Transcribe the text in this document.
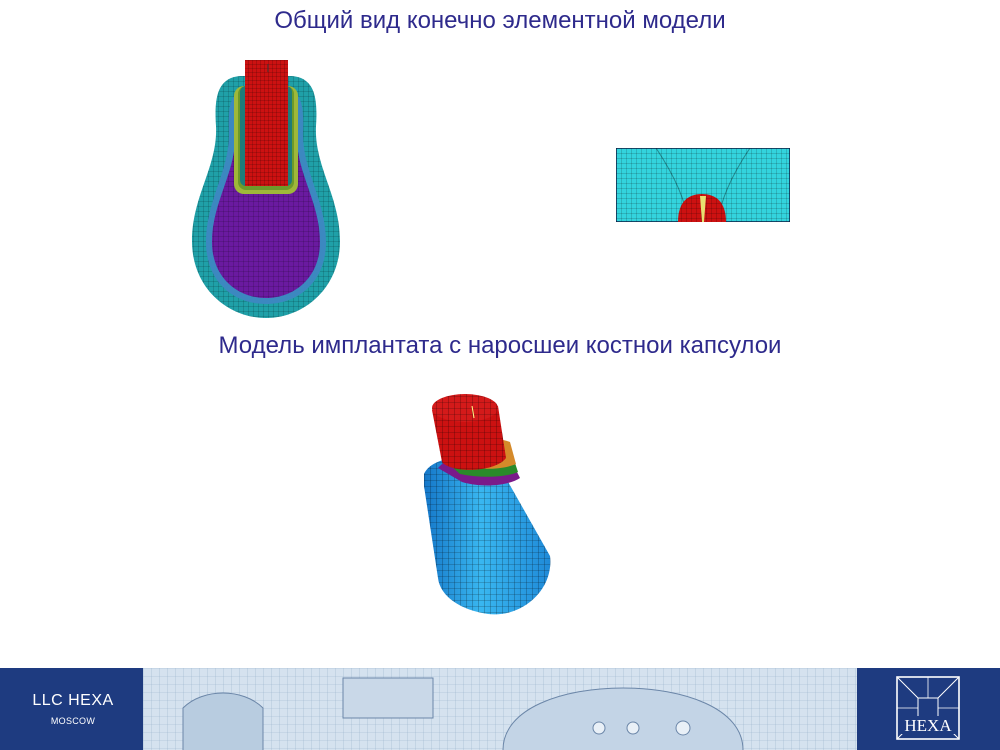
Общий вид конечно элементной модели
Модель имплантата с наросшеи костнои капсулои
LLC HEXA
MOSCOW	HEXA
